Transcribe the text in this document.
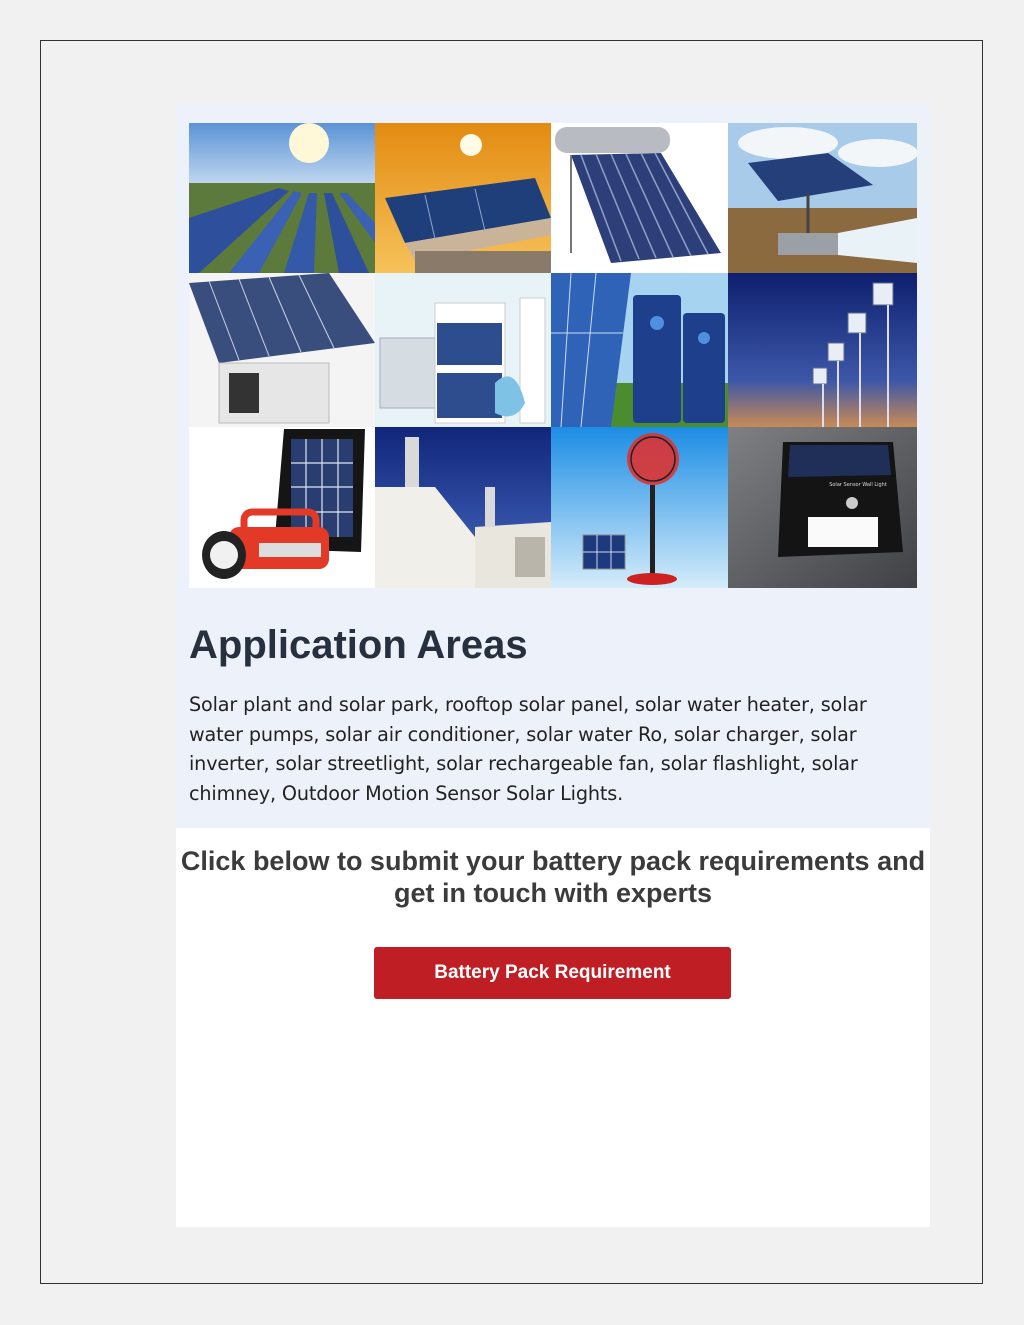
Solar Sensor Wall Light
Application Areas

Solar plant and solar park, rooftop solar panel, solar water heater, solar water pumps, solar air conditioner, solar water Ro, solar charger, solar inverter, solar streetlight, solar rechargeable fan, solar flashlight, solar chimney, Outdoor Motion Sensor Solar Lights.

Click below to submit your battery pack requirements and get in touch with experts

Battery Pack Requirement
